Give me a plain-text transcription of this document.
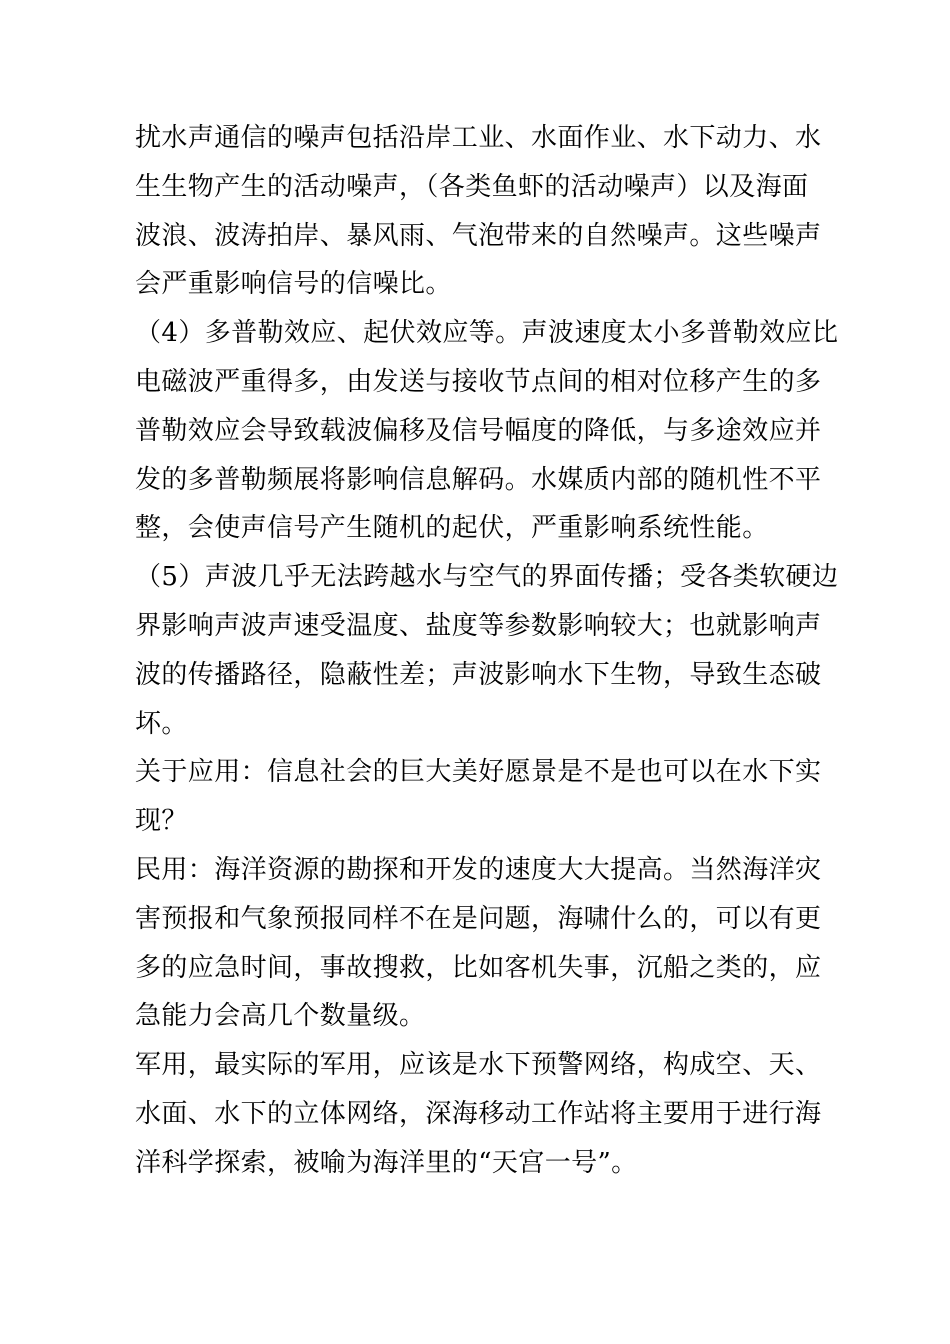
扰水声通信的噪声包括沿岸工业、水面作业、水下动力、水
生生物产生的活动噪声，（各类鱼虾的活动噪声）以及海面
波浪、波涛拍岸、暴风雨、气泡带来的自然噪声。这些噪声
会严重影响信号的信噪比。
（4）多普勒效应、起伏效应等。声波速度太小多普勒效应比
电磁波严重得多，由发送与接收节点间的相对位移产生的多
普勒效应会导致载波偏移及信号幅度的降低，与多途效应并
发的多普勒频展将影响信息解码。水媒质内部的随机性不平
整，会使声信号产生随机的起伏，严重影响系统性能。
（5）声波几乎无法跨越水与空气的界面传播；受各类软硬边
界影响声波声速受温度、盐度等参数影响较大；也就影响声
波的传播路径，隐蔽性差；声波影响水下生物，导致生态破
坏。
关于应用：信息社会的巨大美好愿景是不是也可以在水下实
现？
民用：海洋资源的勘探和开发的速度大大提高。当然海洋灾
害预报和气象预报同样不在是问题，海啸什么的，可以有更
多的应急时间，事故搜救，比如客机失事，沉船之类的，应
急能力会高几个数量级。
军用，最实际的军用，应该是水下预警网络，构成空、天、
水面、水下的立体网络，深海移动工作站将主要用于进行海
洋科学探索，被喻为海洋里的“天宫一号”。
